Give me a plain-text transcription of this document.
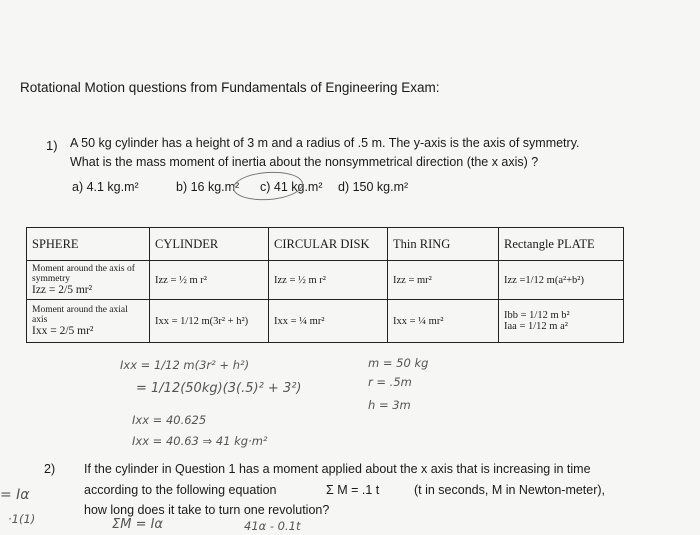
Rotational Motion questions from Fundamentals of Engineering Exam:
1) A 50 kg cylinder has a height of 3 m and a radius of .5 m. The y-axis is the axis of symmetry.
What is the mass moment of inertia about the nonsymmetrical direction (the x axis) ?
a) 4.1 kg.m²	b) 16 kg.m² c) 41 kg.m² d) 150 kg.m²
SPHERE	CYLINDER	CIRCULAR DISK	Thin RING	Rectangle PLATE

Moment around the axis of symmetry
Izz = 2/5 mr²	Izz = ½ m r²	Izz = ½ m r²	Izz = mr²	Izz =1/12 m(a²+b²)

Moment around the axial axis
Ixx = 2/5 mr²	Ixx = 1/12 m(3r² + h²)	Ixx = ¼ mr²	Ixx = ¼ mr²	Ibb = 1/12 m b²
Iaa = 1/12 m a²
Ixx = 1/12 m(3r² + h²)
= 1/12(50kg)(3(.5)² + 3²)
Ixx = 40.625
Ixx = 40.63 ⇒ 41 kg·m²
m = 50 kg
r = .5m
h = 3m
2) If the cylinder in Question 1 has a moment applied about the x axis that is increasing in time
according to the following equation	Σ M = .1 t	(t in seconds, M in Newton-meter),
how long does it take to turn one revolution?
= Iα
·1(1)	ΣM = Iα	41α - 0.1t
